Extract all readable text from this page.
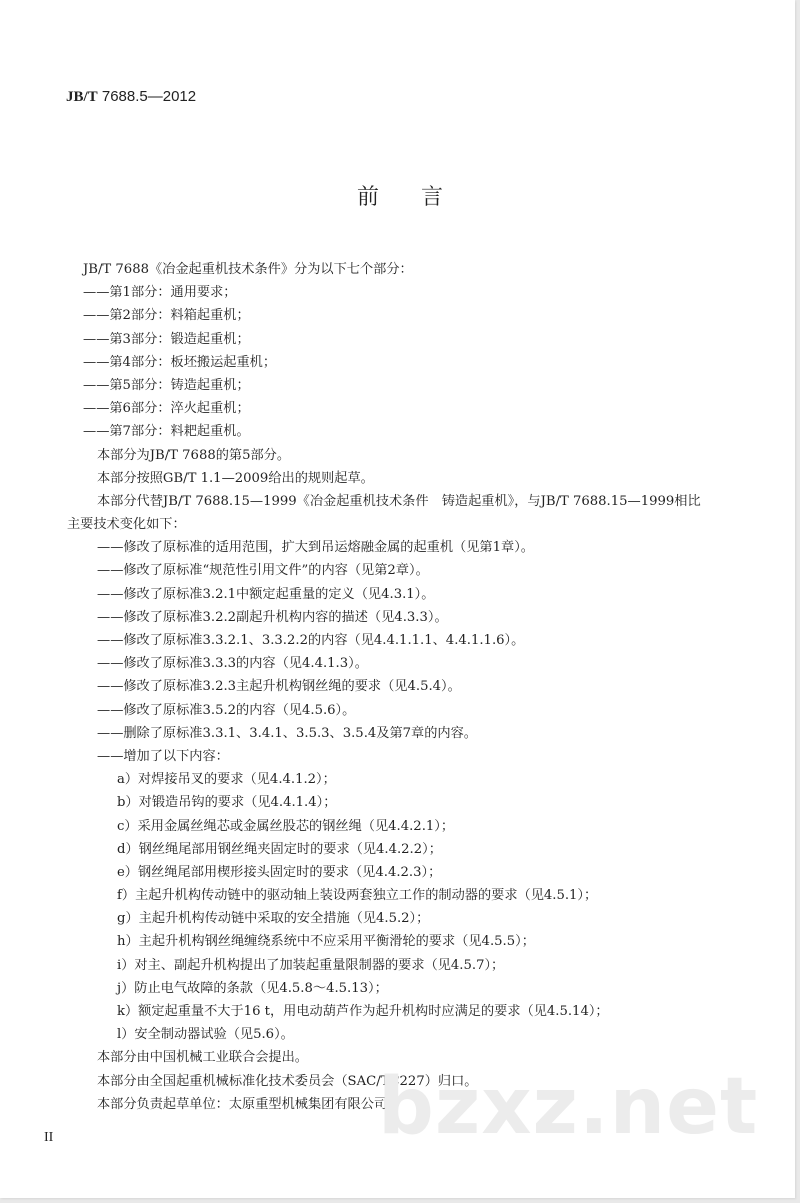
JB/T 7688.5—2012
前言
JB/T 7688《冶金起重机技术条件》分为以下七个部分：
——第1部分：通用要求；
——第2部分：料箱起重机；
——第3部分：锻造起重机；
——第4部分：板坯搬运起重机；
——第5部分：铸造起重机；
——第6部分：淬火起重机；
——第7部分：料耙起重机。
本部分为JB/T 7688的第5部分。
本部分按照GB/T 1.1—2009给出的规则起草。
本部分代替JB/T 7688.15—1999《冶金起重机技术条件　铸造起重机》，与JB/T 7688.15—1999相比
主要技术变化如下：
——修改了原标准的适用范围，扩大到吊运熔融金属的起重机（见第1章）。
——修改了原标准“规范性引用文件”的内容（见第2章）。
——修改了原标准3.2.1中额定起重量的定义（见4.3.1）。
——修改了原标准3.2.2副起升机构内容的描述（见4.3.3）。
——修改了原标准3.3.2.1、3.3.2.2的内容（见4.4.1.1.1、4.4.1.1.6）。
——修改了原标准3.3.3的内容（见4.4.1.3）。
——修改了原标准3.2.3主起升机构钢丝绳的要求（见4.5.4）。
——修改了原标准3.5.2的内容（见4.5.6）。
——删除了原标准3.3.1、3.4.1、3.5.3、3.5.4及第7章的内容。
——增加了以下内容：
a）对焊接吊叉的要求（见4.4.1.2）；
b）对锻造吊钩的要求（见4.4.1.4）；
c）采用金属丝绳芯或金属丝股芯的钢丝绳（见4.4.2.1）；
d）钢丝绳尾部用钢丝绳夹固定时的要求（见4.4.2.2）；
e）钢丝绳尾部用楔形接头固定时的要求（见4.4.2.3）；
f）主起升机构传动链中的驱动轴上装设两套独立工作的制动器的要求（见4.5.1）；
g）主起升机构传动链中采取的安全措施（见4.5.2）；
h）主起升机构钢丝绳缠绕系统中不应采用平衡滑轮的要求（见4.5.5）；
i）对主、副起升机构提出了加装起重量限制器的要求（见4.5.7）；
j）防止电气故障的条款（见4.5.8～4.5.13）；
k）额定起重量不大于16 t，用电动葫芦作为起升机构时应满足的要求（见4.5.14）；
l）安全制动器试验（见5.6）。
本部分由中国机械工业联合会提出。
本部分由全国起重机械标准化技术委员会（SAC/TC227）归口。
本部分负责起草单位：太原重型机械集团有限公司。
bzxz.net
II
